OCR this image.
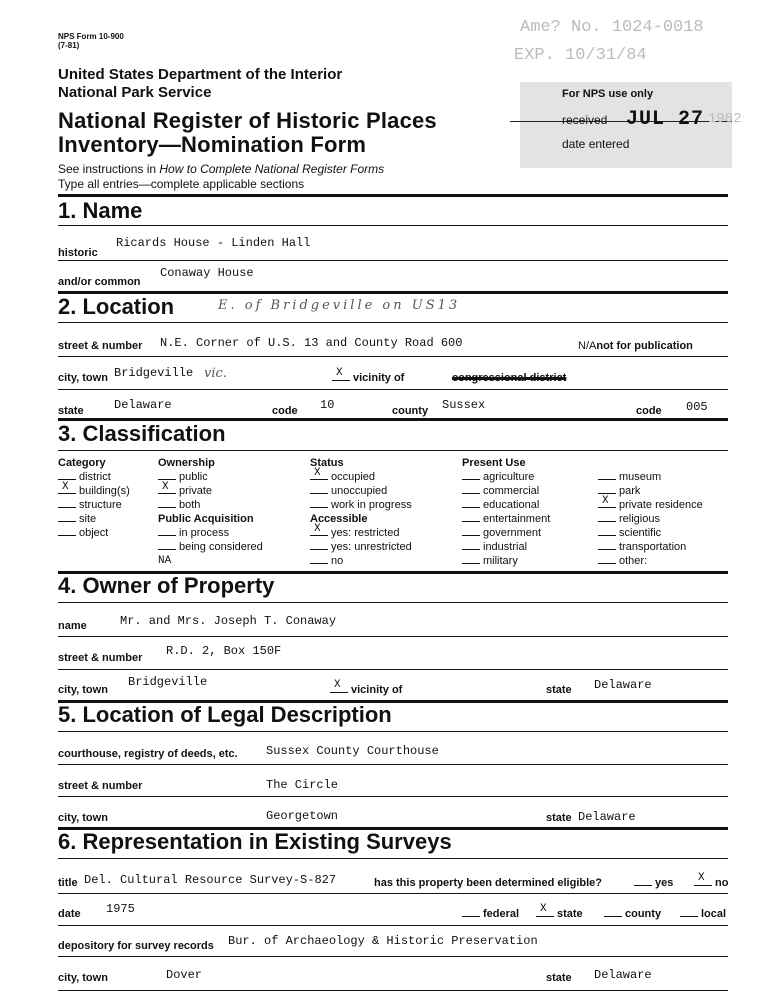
NPS Form 10-900
(7-81)
United States Department of the Interior
National Park Service
National Register of Historic Places
Inventory—Nomination Form
See instructions in How to Complete National Register Forms
Type all entries—complete applicable sections
Ame? No. 1024-0018
EXP. 10/31/84
For NPS use only
received JUL 27 1982
date entered
1. Name
historic
Ricards House - Linden Hall
and/or common
Conaway House
2. Location	E. of Bridgeville on US13
street & number N.E. Corner of U.S. 13 and County Road 600	N/Anot for publication
city, town Bridgeville vic.	X vicinity of	congressional district
state	Delaware	code 10	county Sussex	code 005
3. Classification
Category
district
X building(s)
structure
site
object
Ownership
public
X private
both
Public Acquisition
in process
being considered
NA
Status
X occupied
unoccupied
work in progress
Accessible
X yes: restricted
yes: unrestricted
no
Present Use
agriculture
commercial
educational
entertainment
government
industrial
military
museum
park
X private residence
religious
scientific
transportation
other:
4. Owner of Property
name	Mr. and Mrs. Joseph T. Conaway
street & number R.D. 2, Box 150F
city, town
Bridgeville	X vicinity of	state Delaware
5. Location of Legal Description
courthouse, registry of deeds, etc. Sussex County Courthouse
street & number	The Circle
city, town	Georgetown	state Delaware
6. Representation in Existing Surveys
title Del. Cultural Resource Survey-S-827	has this property been determined eligible?	yes X no
date 1975	federal X state	county	local
depository for survey records Bur. of Archaeology & Historic Preservation
city, town	Dover	state Delaware
